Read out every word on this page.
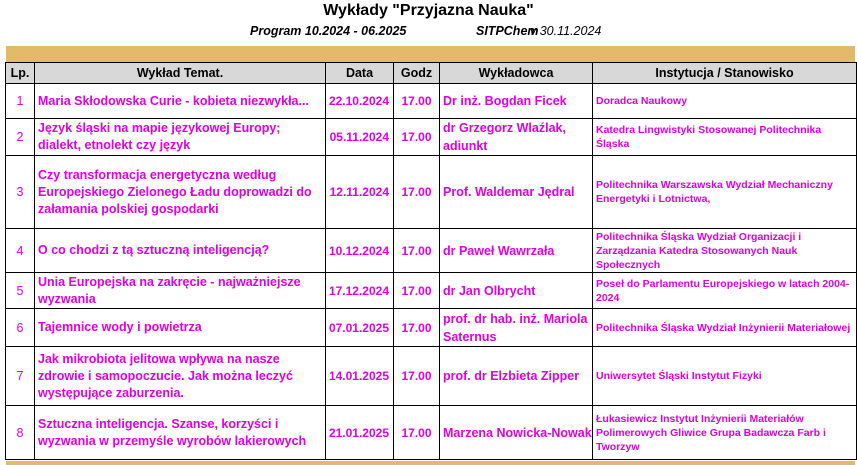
Wykłady "Przyjazna Nauka"
Program 10.2024 - 06.2025	SITPChem
v 30.11.2024
Lp.	Wykład Temat.	Data	Godz	Wykładowca	Instytucja / Stanowisko
1	Maria Skłodowska Curie - kobieta niezwykła...	22.10.2024	17.00	Dr inż. Bogdan Ficek	Doradca Naukowy
2	Język śląski na mapie językowej Europy; dialekt, etnolekt czy język	05.11.2024	17.00	dr Grzegorz Wlaźlak, adiunkt	Katedra Lingwistyki Stosowanej Politechnika Śląska
3	Czy transformacja energetyczna według Europejskiego Zielonego Ładu doprowadzi do załamania polskiej gospodarki	12.11.2024	17.00	Prof. Waldemar Jędral	Politechnika Warszawska Wydział Mechaniczny Energetyki i Lotnictwa,
4	O co chodzi z tą sztuczną inteligencją?	10.12.2024	17.00	dr Paweł Wawrzała	Politechnika Śląska Wydział Organizacji i Zarządzania Katedra Stosowanych Nauk Społecznych
5	Unia Europejska na zakręcie - najważniejsze wyzwania	17.12.2024	17.00	dr Jan Olbrycht	Poseł do Parlamentu Europejskiego w latach 2004-2024
6	Tajemnice wody i powietrza	07.01.2025	17.00	prof. dr hab. inż. Mariola Saternus	Politechnika Śląska Wydział Inżynierii Materiałowej
7	Jak mikrobiota jelitowa wpływa na nasze zdrowie i samopoczucie. Jak można leczyć występujące zaburzenia.	14.01.2025	17.00	prof. dr Elzbieta Zipper	Uniwersytet Śląski Instytut Fizyki
8	Sztuczna inteligencja. Szanse, korzyści i wyzwania w przemyśle wyrobów lakierowych	21.01.2025	17.00	Marzena Nowicka-Nowak	Łukasiewicz Instytut Inżynierii Materiałów Polimerowych Gliwice Grupa Badawcza Farb i Tworzyw
